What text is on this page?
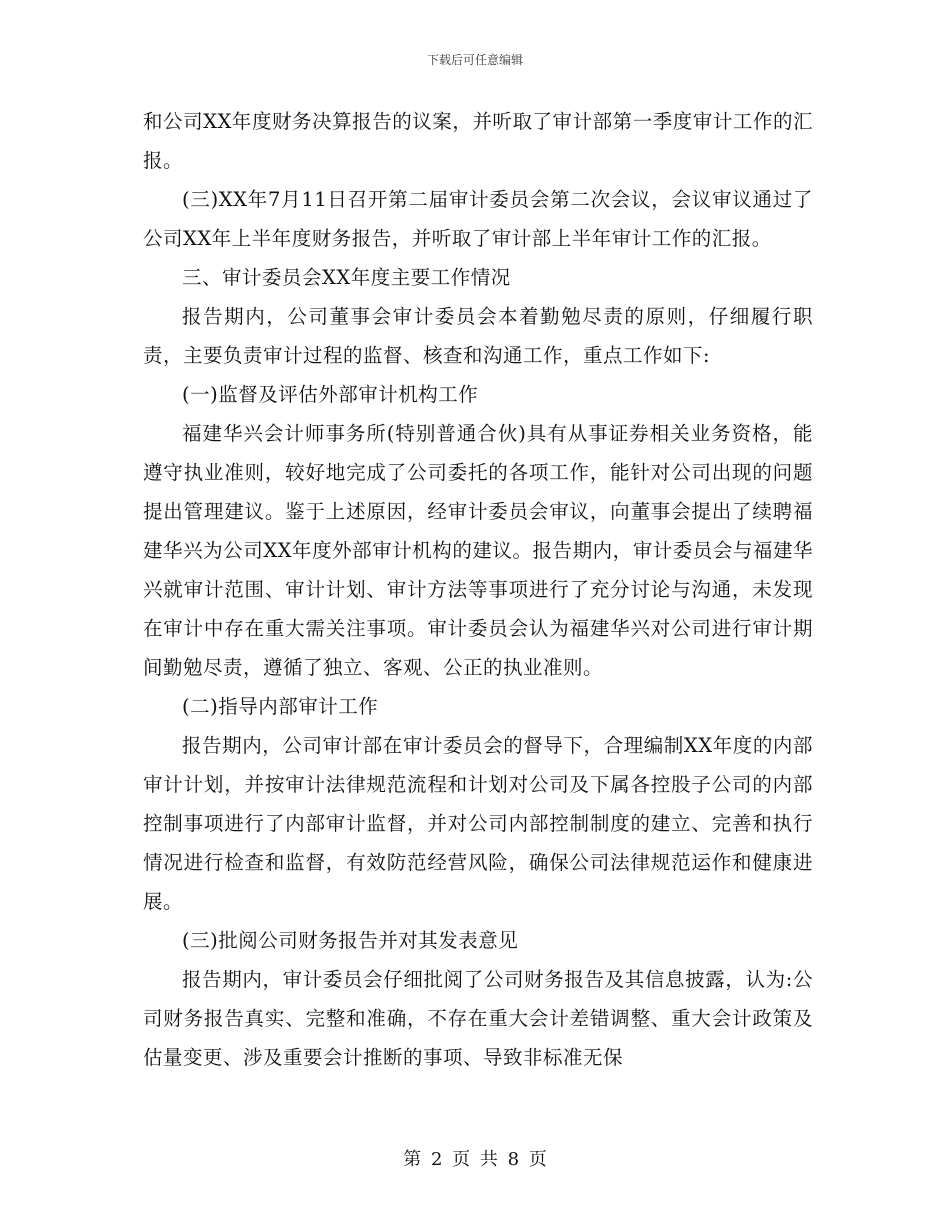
下载后可任意编辑

和公司XX年度财务决算报告的议案，并听取了审计部第一季度审计工作的汇报。

(三)XX年7月11日召开第二届审计委员会第二次会议，会议审议通过了公司XX年上半年度财务报告，并听取了审计部上半年审计工作的汇报。

三、审计委员会XX年度主要工作情况

报告期内，公司董事会审计委员会本着勤勉尽责的原则，仔细履行职责，主要负责审计过程的监督、核查和沟通工作，重点工作如下:

(一)监督及评估外部审计机构工作

福建华兴会计师事务所(特别普通合伙)具有从事证券相关业务资格，能遵守执业准则，较好地完成了公司委托的各项工作，能针对公司出现的问题提出管理建议。鉴于上述原因，经审计委员会审议，向董事会提出了续聘福建华兴为公司XX年度外部审计机构的建议。报告期内，审计委员会与福建华兴就审计范围、审计计划、审计方法等事项进行了充分讨论与沟通，未发现在审计中存在重大需关注事项。审计委员会认为福建华兴对公司进行审计期间勤勉尽责，遵循了独立、客观、公正的执业准则。

(二)指导内部审计工作

报告期内，公司审计部在审计委员会的督导下，合理编制XX年度的内部审计计划，并按审计法律规范流程和计划对公司及下属各控股子公司的内部控制事项进行了内部审计监督，并对公司内部控制制度的建立、完善和执行情况进行检查和监督，有效防范经营风险，确保公司法律规范运作和健康进展。

(三)批阅公司财务报告并对其发表意见

报告期内，审计委员会仔细批阅了公司财务报告及其信息披露，认为:公司财务报告真实、完整和准确，不存在重大会计差错调整、重大会计政策及估量变更、涉及重要会计推断的事项、导致非标准无保

第 2 页 共 8 页
